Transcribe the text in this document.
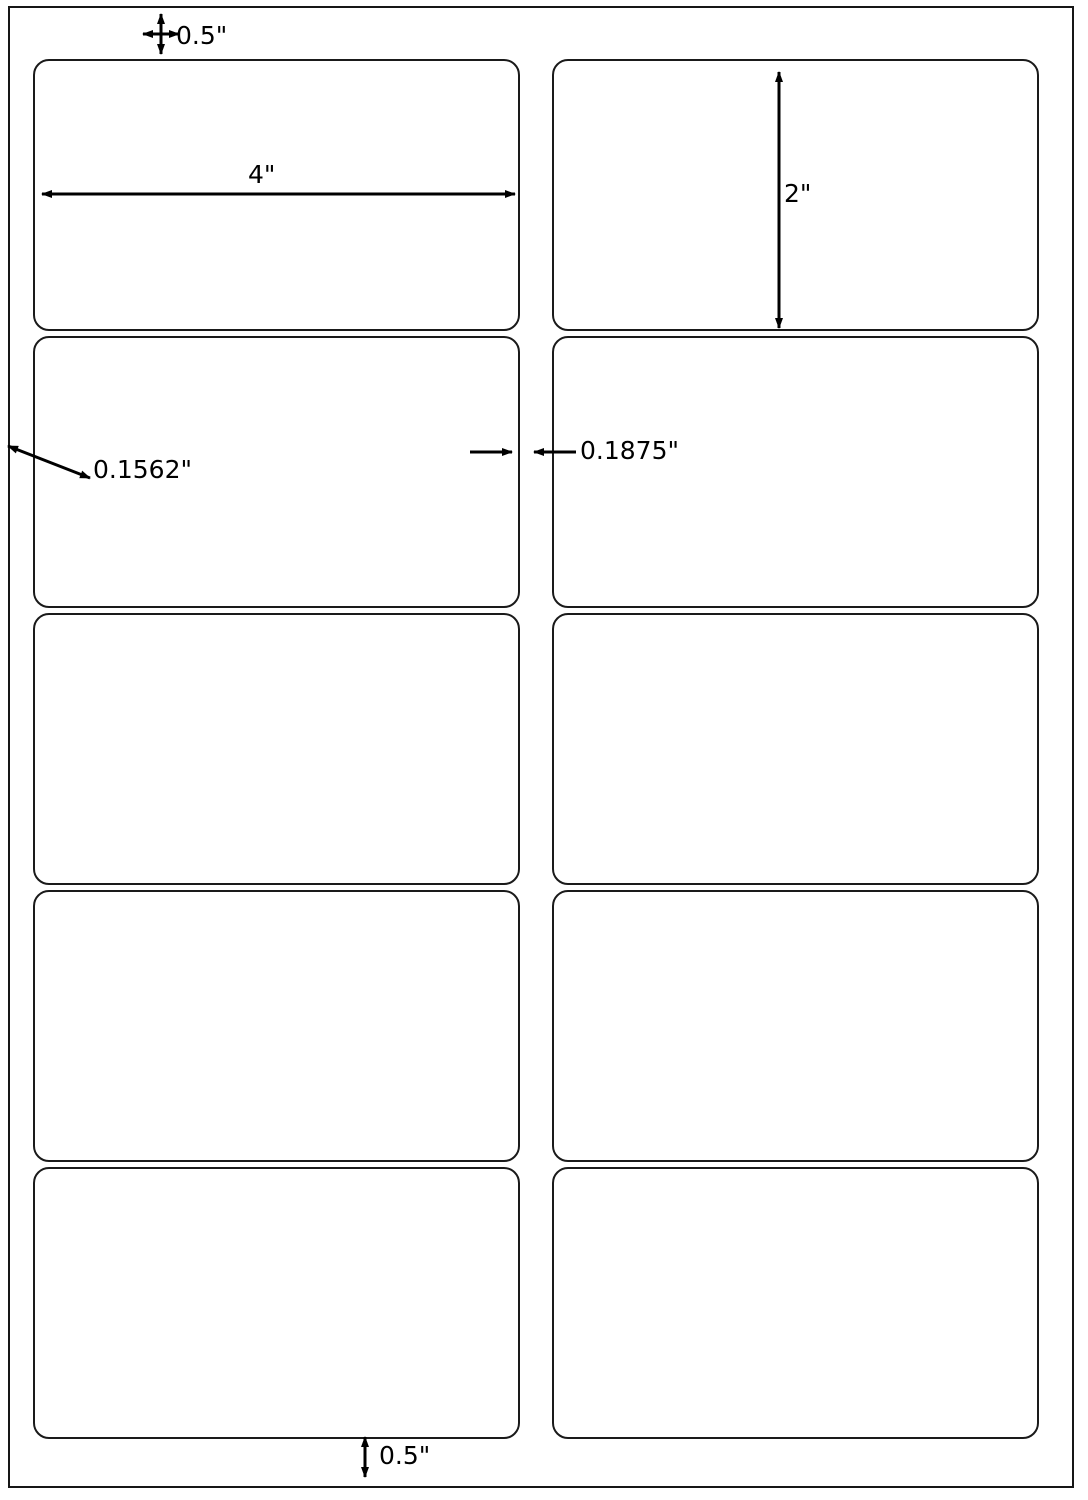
0.5"
4"
2"
0.1562"
0.1875"
0.5"
